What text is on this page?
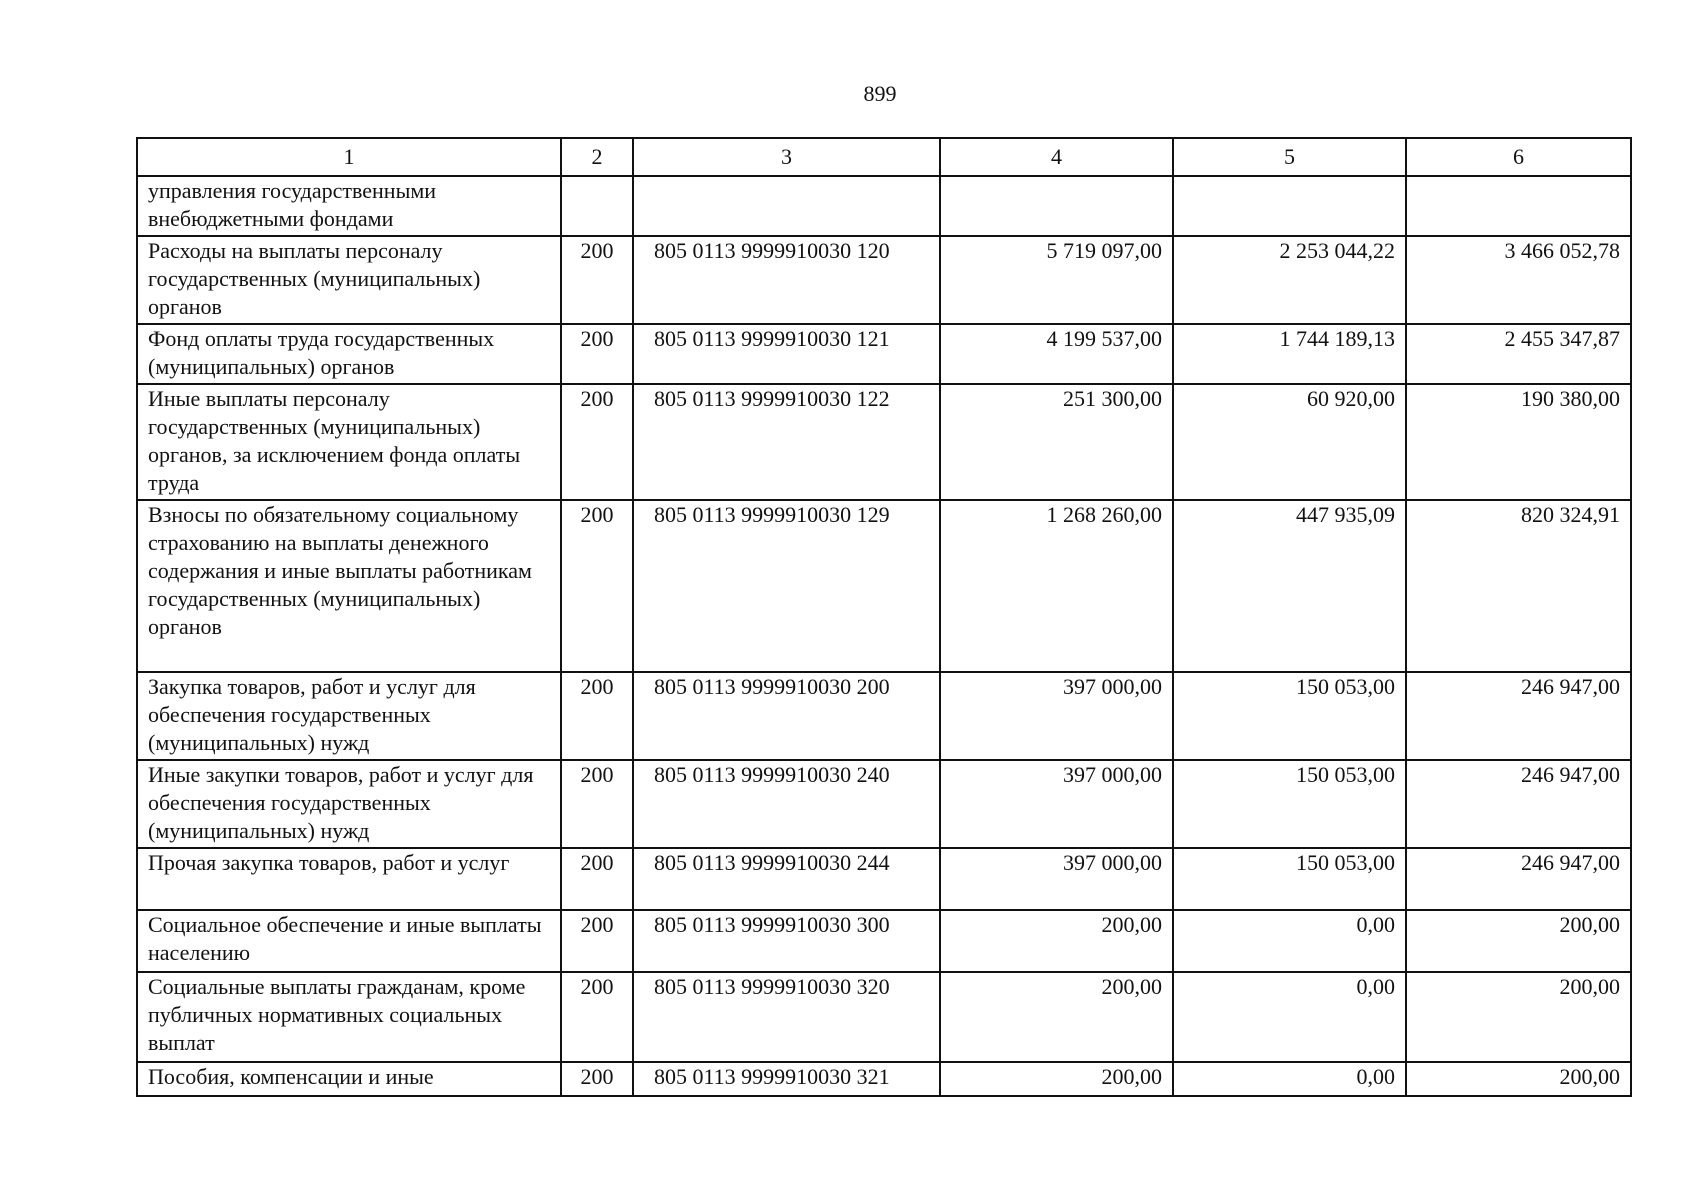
899
1	2	3	4	5	6
управления государственными внебюджетными фондами					
Расходы на выплаты персоналу государственных (муниципальных) органов	200	805 0113 9999910030 120	5 719 097,00	2 253 044,22	3 466 052,78
Фонд оплаты труда государственных (муниципальных) органов	200	805 0113 9999910030 121	4 199 537,00	1 744 189,13	2 455 347,87
Иные выплаты персоналу государственных (муниципальных) органов, за исключением фонда оплаты труда	200	805 0113 9999910030 122	251 300,00	60 920,00	190 380,00
Взносы по обязательному социальному страхованию на выплаты денежного содержания и иные выплаты работникам государственных (муниципальных) органов	200	805 0113 9999910030 129	1 268 260,00	447 935,09	820 324,91
Закупка товаров, работ и услуг для обеспечения государственных (муниципальных) нужд	200	805 0113 9999910030 200	397 000,00	150 053,00	246 947,00
Иные закупки товаров, работ и услуг для обеспечения государственных (муниципальных) нужд	200	805 0113 9999910030 240	397 000,00	150 053,00	246 947,00
Прочая закупка товаров, работ и услуг	200	805 0113 9999910030 244	397 000,00	150 053,00	246 947,00
Социальное обеспечение и иные выплаты населению	200	805 0113 9999910030 300	200,00	0,00	200,00
Социальные выплаты гражданам, кроме публичных нормативных социальных выплат	200	805 0113 9999910030 320	200,00	0,00	200,00
Пособия, компенсации и иные	200	805 0113 9999910030 321	200,00	0,00	200,00
